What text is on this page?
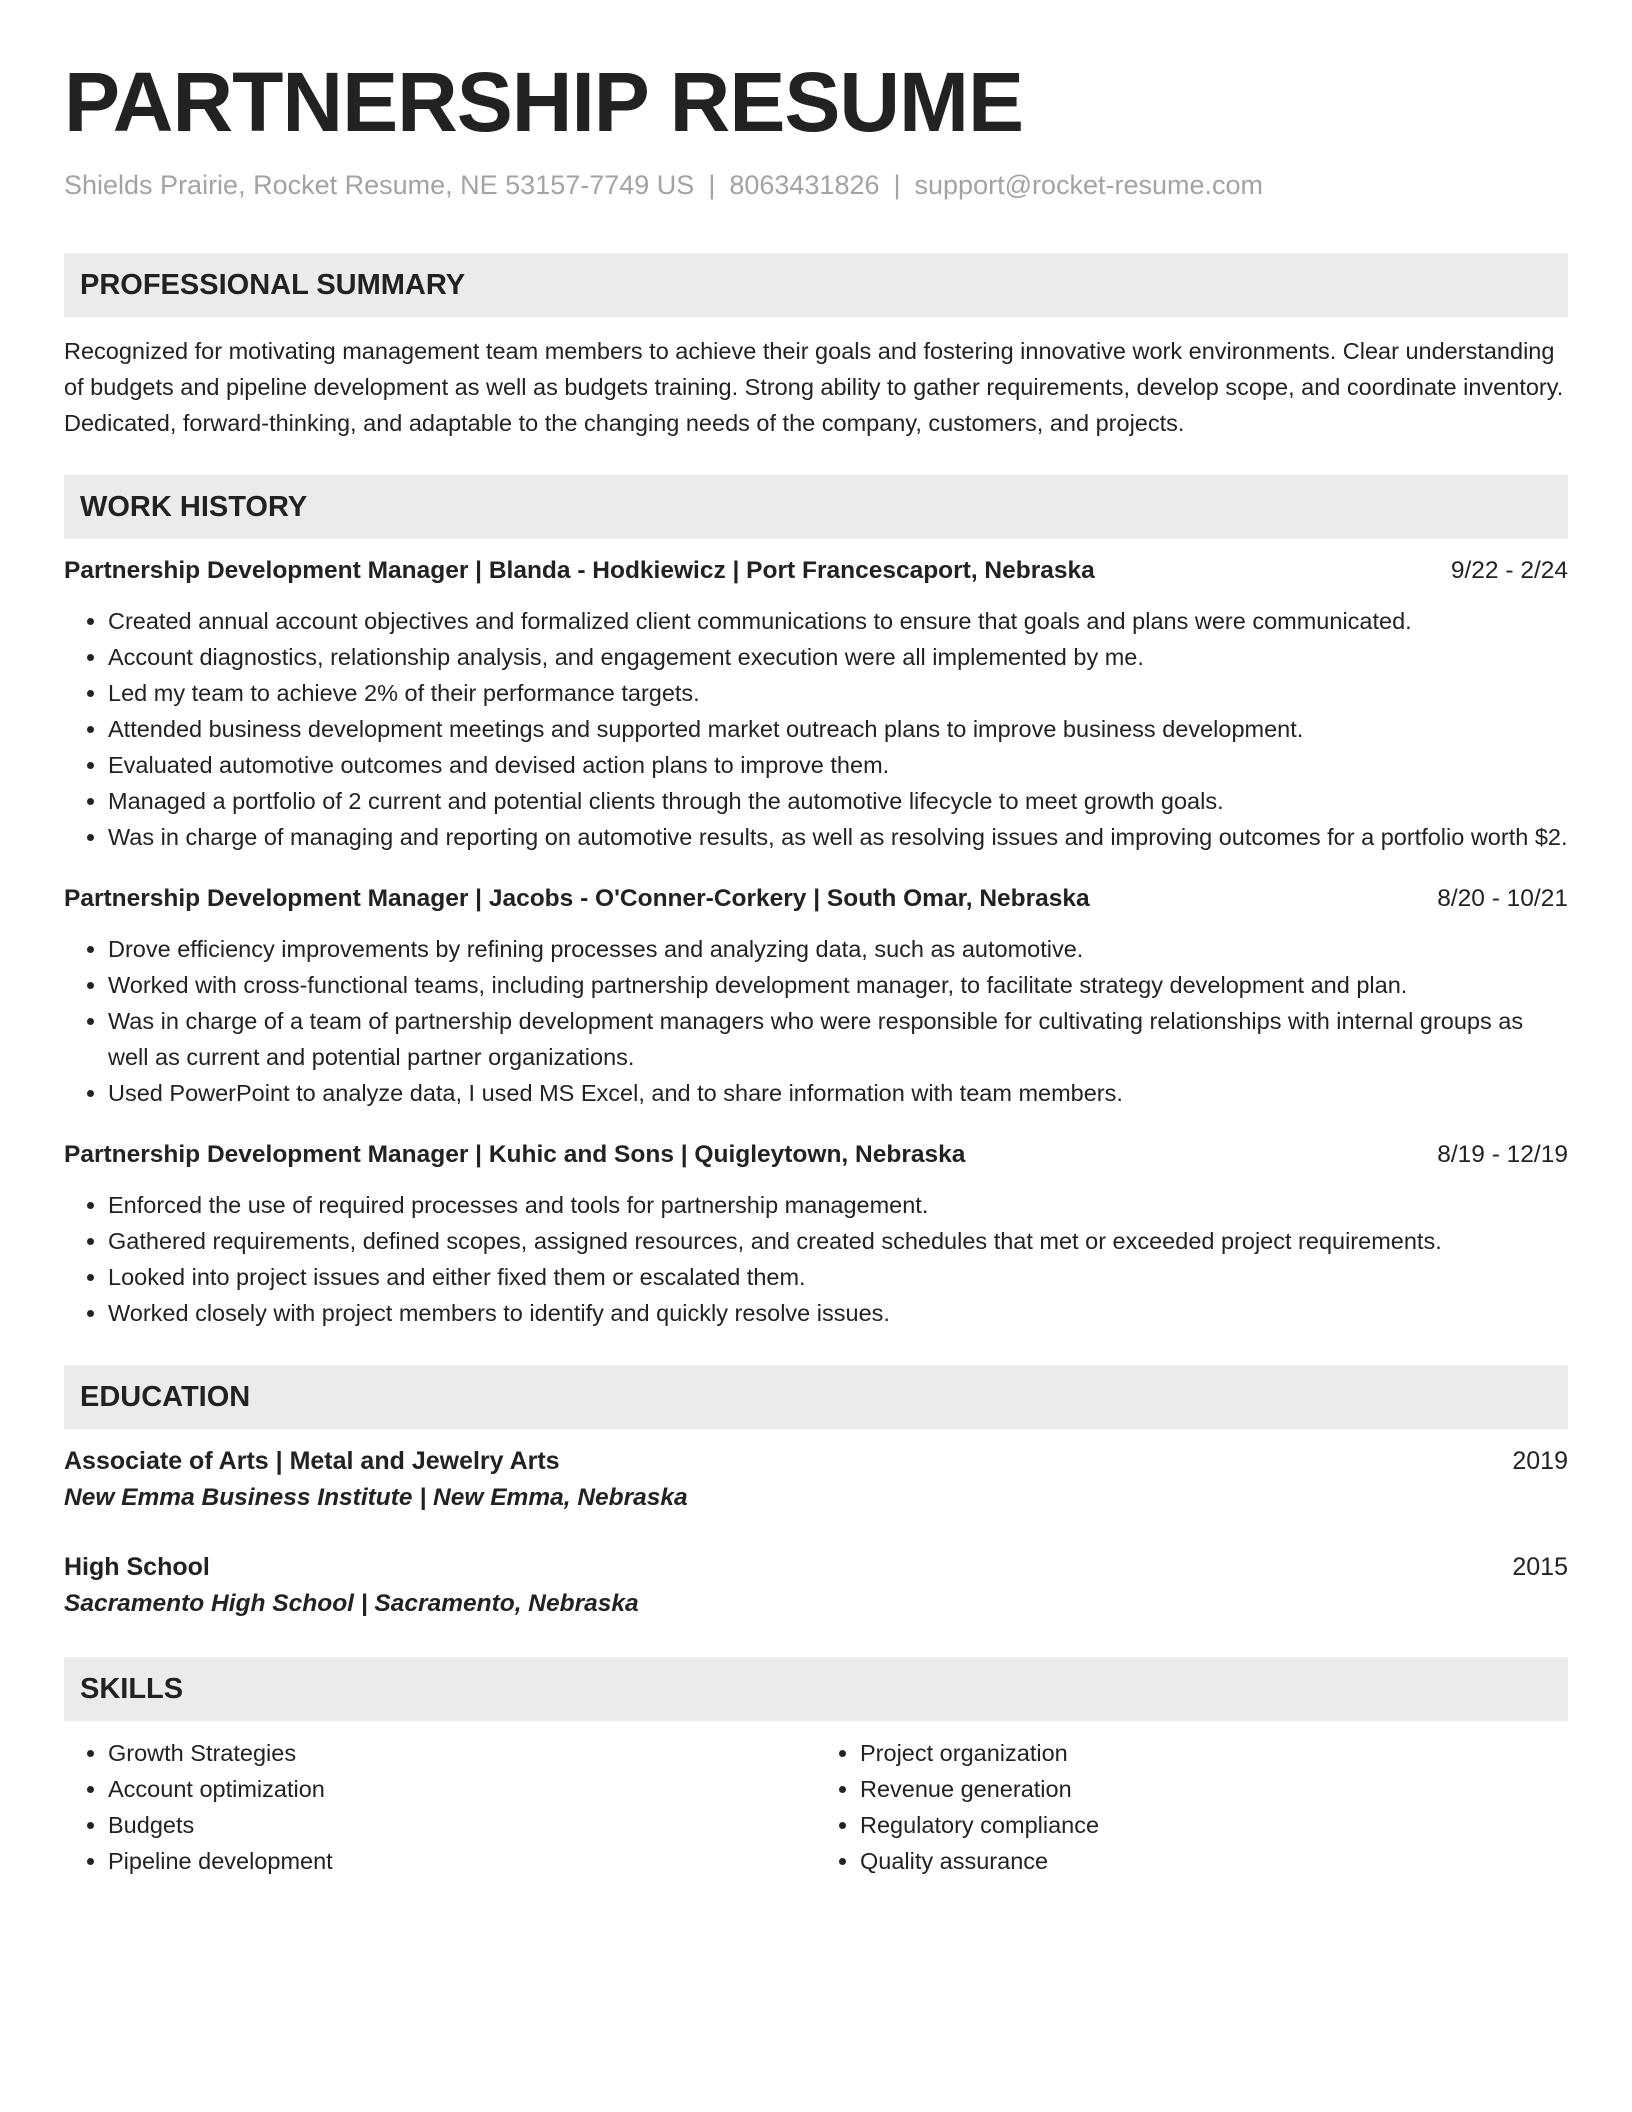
PARTNERSHIP RESUME
Shields Prairie, Rocket Resume, NE 53157-7749 US | 8063431826 | support@rocket-resume.com
PROFESSIONAL SUMMARY
Recognized for motivating management team members to achieve their goals and fostering innovative work environments. Clear understanding of budgets and pipeline development as well as budgets training. Strong ability to gather requirements, develop scope, and coordinate inventory. Dedicated, forward-thinking, and adaptable to the changing needs of the company, customers, and projects.
WORK HISTORY
Partnership Development Manager | Blanda - Hodkiewicz | Port Francescaport, Nebraska	9/22 - 2/24
• Created annual account objectives and formalized client communications to ensure that goals and plans were communicated.
• Account diagnostics, relationship analysis, and engagement execution were all implemented by me.
• Led my team to achieve 2% of their performance targets.
• Attended business development meetings and supported market outreach plans to improve business development.
• Evaluated automotive outcomes and devised action plans to improve them.
• Managed a portfolio of 2 current and potential clients through the automotive lifecycle to meet growth goals.
• Was in charge of managing and reporting on automotive results, as well as resolving issues and improving outcomes for a portfolio worth $2.
Partnership Development Manager | Jacobs - O'Conner-Corkery | South Omar, Nebraska	8/20 - 10/21
• Drove efficiency improvements by refining processes and analyzing data, such as automotive.
• Worked with cross-functional teams, including partnership development manager, to facilitate strategy development and plan.
• Was in charge of a team of partnership development managers who were responsible for cultivating relationships with internal groups as well as current and potential partner organizations.
• Used PowerPoint to analyze data, I used MS Excel, and to share information with team members.
Partnership Development Manager | Kuhic and Sons | Quigleytown, Nebraska	8/19 - 12/19
• Enforced the use of required processes and tools for partnership management.
• Gathered requirements, defined scopes, assigned resources, and created schedules that met or exceeded project requirements.
• Looked into project issues and either fixed them or escalated them.
• Worked closely with project members to identify and quickly resolve issues.
EDUCATION
Associate of Arts | Metal and Jewelry Arts	2019
New Emma Business Institute | New Emma, Nebraska
High School	2015
Sacramento High School | Sacramento, Nebraska
SKILLS
• Growth Strategies
• Account optimization
• Budgets
• Pipeline development
• Project organization
• Revenue generation
• Regulatory compliance
• Quality assurance
